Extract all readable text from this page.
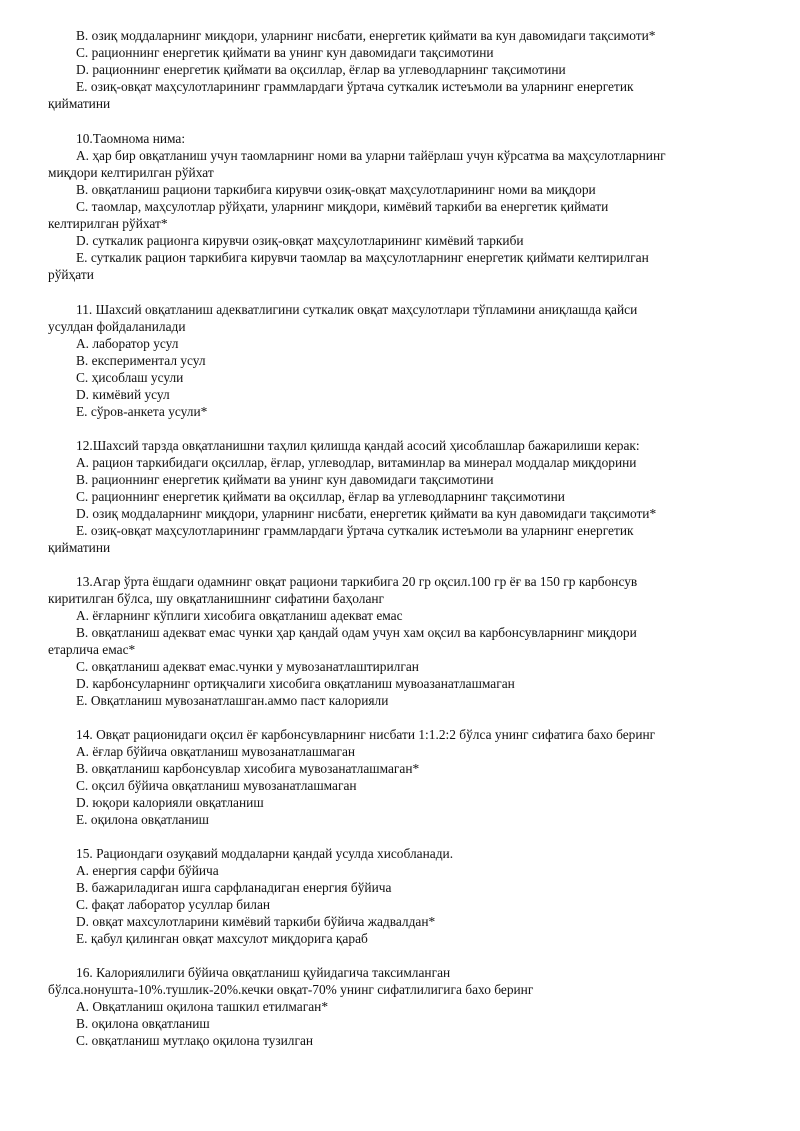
B. озиқ моддаларнинг миқдори, уларнинг нисбати, енергетик қиймати ва кун давомидаги тақсимоти*
C. рационнинг енергетик қиймати ва унинг кун давомидаги тақсимотини
D. рационнинг енергетик қиймати ва оқсиллар, ёғлар ва углеводларнинг тақсимотини
E. озиқ-овқат маҳсулотларининг граммлардаги ўртача суткалик истеъмоли ва уларнинг енергетик
қийматини
10.Таомнома нима:
A. ҳар бир овқатланиш учун таомларнинг номи ва уларни тайёрлаш учун кўрсатма ва маҳсулотларнинг
миқдори келтирилган рўйхат
B. овқатланиш рациони таркибига кирувчи озиқ-овқат маҳсулотларининг номи ва миқдори
C. таомлар, маҳсулотлар рўйҳати, уларнинг миқдори, кимёвий таркиби ва енергетик қиймати
келтирилган рўйхат*
D. суткалик рационга кирувчи озиқ-овқат маҳсулотларининг кимёвий таркиби
E. суткалик рацион таркибига кирувчи таомлар ва маҳсулотларнинг енергетик қиймати келтирилган
рўйҳати
11. Шахсий овқатланиш адекватлигини суткалик овқат маҳсулотлари тўпламини аниқлашда қайси
усулдан фойдаланилади
A. лаборатор усул
B. експериментал усул
C. ҳисоблаш усули
D. кимёвий усул
E. сўров-анкета усули*
12.Шахсий тарзда овқатланишни таҳлил қилишда қандай асосий ҳисоблашлар бажарилиши керак:
A. рацион таркибидаги оқсиллар, ёғлар, углеводлар, витаминлар ва минерал моддалар миқдорини
B. рационнинг енергетик қиймати ва унинг кун давомидаги тақсимотини
C. рационнинг енергетик қиймати ва оқсиллар, ёғлар ва углеводларнинг тақсимотини
D. озиқ моддаларнинг миқдори, уларнинг нисбати, енергетик қиймати ва кун давомидаги тақсимоти*
E. озиқ-овқат маҳсулотларининг граммлардаги ўртача суткалик истеъмоли ва уларнинг енергетик
қийматини
13.Агар ўрта ёшдаги одамнинг овқат рациони таркибига 20 гр оқсил.100 гр ёғ ва 150 гр карбонсув
киритилган бўлса, шу овқатланишнинг сифатини баҳоланг
A. ёғларнинг кўплиги хисобига овқатланиш адекват емас
B. овқатланиш адекват емас чунки ҳар қандай одам учун хам оқсил ва карбонсувларнинг миқдори
етарлича емас*
C. овқатланиш адекват емас.чунки у мувозанатлаштирилган
D. карбонсуларнинг ортиқчалиги хисобига овқатланиш мувоазанатлашмаган
E. Овқатланиш мувозанатлашган.аммо паст калорияли
14. Овқат рационидаги оқсил ёғ карбонсувларнинг нисбати 1:1.2:2 бўлса унинг сифатига бахо беринг
A. ёғлар бўйича овқатланиш мувозанатлашмаган
B. овқатланиш карбонсувлар хисобига мувозанатлашмаган*
C. оқсил бўйича овқатланиш мувозанатлашмаган
D. юқори калорияли овқатланиш
E. оқилона овқатланиш
15. Рациондаги озуқавий моддаларни қандай усулда хисобланади.
A. енергия сарфи бўйича
B. бажариладиган ишга сарфланадиган енергия бўйича
C. фақат лаборатор усуллар билан
D. овқат махсулотларини кимёвий таркиби бўйича жадвалдан*
E. қабул қилинган овқат махсулот миқдорига қараб
16. Калориялилиги бўйича овқатланиш қуйидагича таксимланган
бўлса.нонушта-10%.тушлик-20%.кечки овқат-70% унинг сифатлилигига бахо беринг
A. Овқатланиш оқилона ташкил етилмаган*
B. оқилона овқатланиш
C. овқатланиш мутлақо оқилона тузилган
